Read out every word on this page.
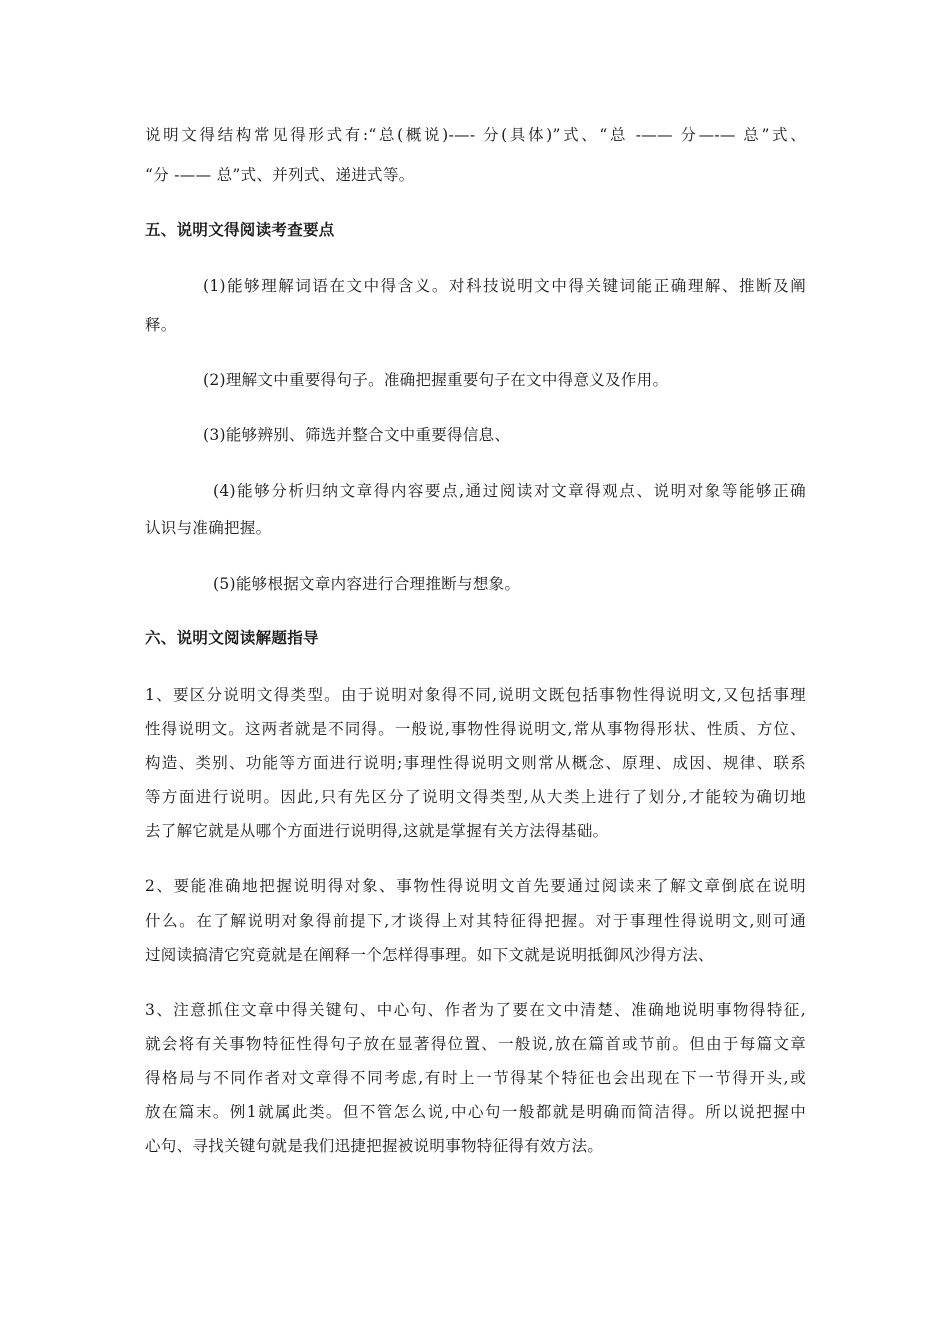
说明文得结构常见得形式有:“总(概说)-—- 分(具体)”式、“总 -—— 分—-— 总”式、
“分 -—— 总”式、并列式、递进式等。
五、说明文得阅读考查要点
(1)能够理解词语在文中得含义。对科技说明文中得关键词能正确理解、推断及阐
释。
(2)理解文中重要得句子。准确把握重要句子在文中得意义及作用。
(3)能够辨别、筛选并整合文中重要得信息、
(4)能够分析归纳文章得内容要点,通过阅读对文章得观点、说明对象等能够正确
认识与准确把握。
(5)能够根据文章内容进行合理推断与想象。
六、说明文阅读解题指导
1、要区分说明文得类型。由于说明对象得不同,说明文既包括事物性得说明文,又包括事理
性得说明文。这两者就是不同得。一般说,事物性得说明文,常从事物得形状、性质、方位、
构造、类别、功能等方面进行说明;事理性得说明文则常从概念、原理、成因、规律、联系
等方面进行说明。因此,只有先区分了说明文得类型,从大类上进行了划分,才能较为确切地
去了解它就是从哪个方面进行说明得,这就是掌握有关方法得基础。
2、要能准确地把握说明得对象、事物性得说明文首先要通过阅读来了解文章倒底在说明
什么。在了解说明对象得前提下,才谈得上对其特征得把握。对于事理性得说明文,则可通
过阅读搞清它究竟就是在阐释一个怎样得事理。如下文就是说明抵御风沙得方法、
3、注意抓住文章中得关键句、中心句、作者为了要在文中清楚、准确地说明事物得特征,
就会将有关事物特征性得句子放在显著得位置、一般说,放在篇首或节前。但由于每篇文章
得格局与不同作者对文章得不同考虑,有时上一节得某个特征也会出现在下一节得开头,或
放在篇末。例1就属此类。但不管怎么说,中心句一般都就是明确而简洁得。所以说把握中
心句、寻找关键句就是我们迅捷把握被说明事物特征得有效方法。
